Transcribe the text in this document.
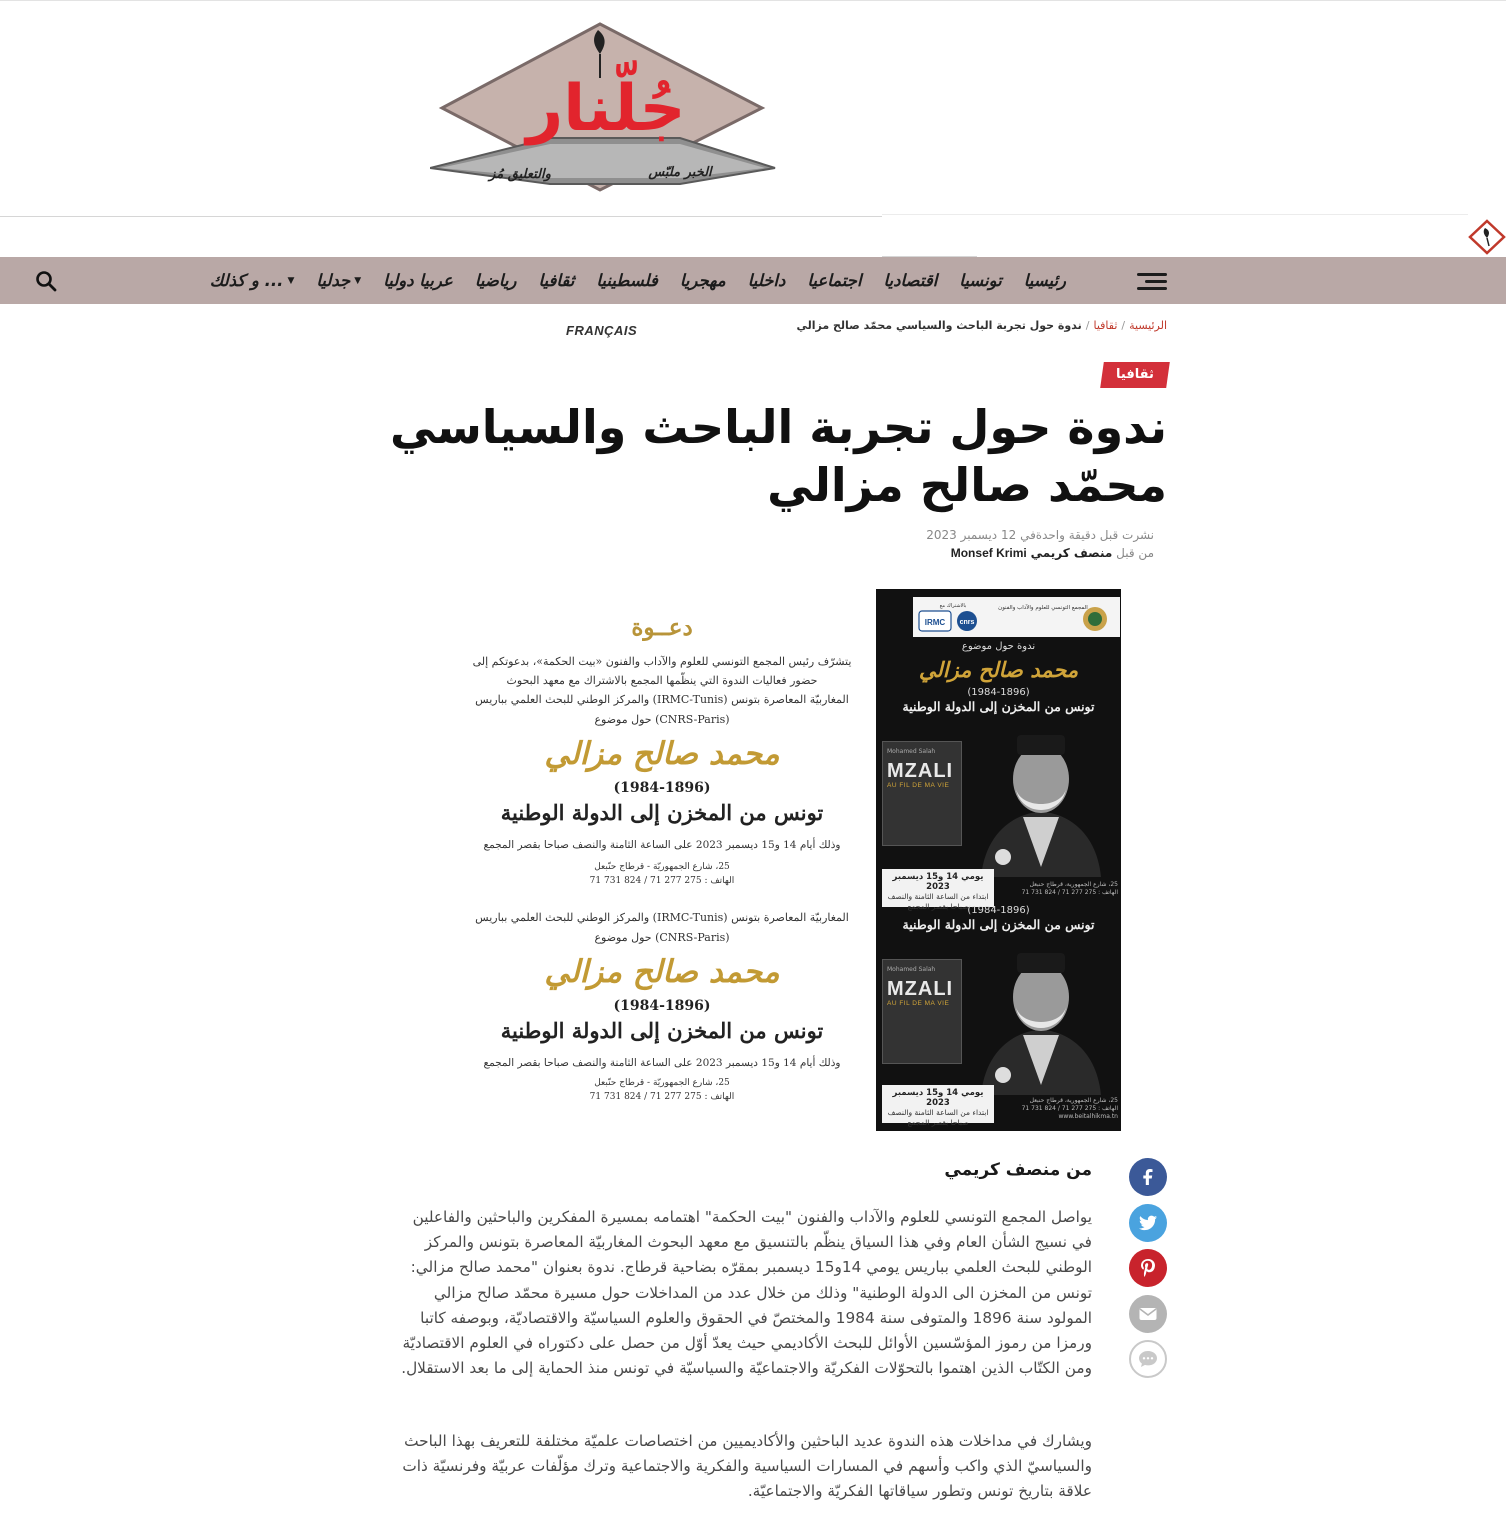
جُلّنار
الخبر ملبّس
والتعليق مُز
رئيسيا
تونسيا
اقتصاديا
اجتماعيا
داخليا
مهجريا
فلسطينيا
ثقافيا
رياضيا
عربيا دوليا
جدليا ▼
و كذلك ... ▼
الرئيسية
/
ثقافيا
/
ندوة حول تجربة الباحث والسياسي محمّد صالح مزالي
FRANÇAIS
ثقافيا
ندوة حول تجربة الباحث والسياسي محمّد صالح مزالي
نشرت قبل دقيقة واحدةفي 12 ديسمبر 2023
من قبل منصف كريمي Monsef Krimi
دعــوة
يتشرّف رئيس المجمع التونسي للعلوم والآداب والفنون «بيت الحكمة»، بدعوتكم إلى حضور فعاليات الندوة التي ينظّمها المجمع بالاشتراك مع معهد البحوث
المغاربيّة المعاصرة بتونس (IRMC-Tunis) والمركز الوطني للبحث العلمي بباريس
(CNRS-Paris) حول موضوع
محمد صالح مزالي
(1984-1896)
تونس من المخزن إلى الدولة الوطنية
وذلك أيام 14 و15 ديسمبر 2023 على الساعة الثامنة والنصف صباحا بقصر المجمع
25، شارع الجمهوريّة - قرطاج حنّبعل
الهاتف : 275 277 71 / 824 731 71
المغاربيّة المعاصرة بتونس (IRMC-Tunis) والمركز الوطني للبحث العلمي بباريس
(CNRS-Paris) حول موضوع
محمد صالح مزالي
(1984-1896)
تونس من المخزن إلى الدولة الوطنية
وذلك أيام 14 و15 ديسمبر 2023 على الساعة الثامنة والنصف صباحا بقصر المجمع
25، شارع الجمهوريّة - قرطاج حنّبعل
الهاتف : 275 277 71 / 824 731 71
IRMC cnrs
بالاشتراك مع	المجمع التونسي للعلوم والآداب والفنون
ندوة حول موضوع
محمد صالح مزالي
(1984-1896)
تونس من المخزن إلى الدولة الوطنية
Mohamed Salah
MZALI
AU FIL DE MA VIE
يومي 14 و15 ديسمبر 2023
ابتداء من الساعة الثامنة والنصف
صباحا بقصر المجمع
25، شارع الجمهورية، قرطاج حنبعل
الهاتف : 275 277 71 / 824 731 71
(1984-1896)
تونس من المخزن إلى الدولة الوطنية
Mohamed Salah
MZALI
AU FIL DE MA VIE
يومي 14 و15 ديسمبر 2023
ابتداء من الساعة الثامنة والنصف
صباحا بقصر المجمع
25، شارع الجمهورية، قرطاج حنبعل
الهاتف : 275 277 71 / 824 731 71
www.beitalhikma.tn
من منصف كريمي

يواصل المجمع التونسي للعلوم والآداب والفنون "بيت الحكمة" اهتمامه بمسيرة المفكرين والباحثين والفاعلين في نسيج الشأن العام وفي هذا السياق ينظّم بالتنسيق مع معهد البحوث المغاربيّة المعاصرة بتونس والمركز الوطني للبحث العلمي بباريس يومي 14و15 ديسمبر بمقرّه بضاحية قرطاج. ندوة بعنوان "محمد صالح مزالي: تونس من المخزن الى الدولة الوطنية" وذلك من خلال عدد من المداخلات حول مسيرة محمّد صالح مزالي المولود سنة 1896 والمتوفى سنة 1984 والمختصّ في الحقوق والعلوم السياسيّة والاقتصاديّة، وبوصفه كاتبا ورمزا من رموز المؤسّسين الأوائل للبحث الأكاديمي حيث يعدّ أوّل من حصل على دكتوراه في العلوم الاقتصاديّة ومن الكتّاب الذين اهتموا بالتحوّلات الفكريّة والاجتماعيّة والسياسيّة في تونس منذ الحماية إلى ما بعد الاستقلال.

ويشارك في مداخلات هذه الندوة عديد الباحثين والأكاديميين من اختصاصات علميّة مختلفة للتعريف بهذا الباحث والسياسيّ الذي واكب وأسهم في المسارات السياسية والفكرية والاجتماعية وترك مؤلّفات عربيّة وفرنسيّة ذات علاقة بتاريخ تونس وتطور سياقاتها الفكريّة والاجتماعيّة.
